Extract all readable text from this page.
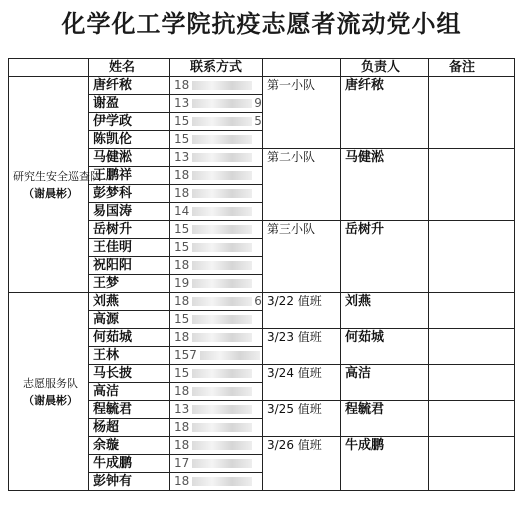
化学化工学院抗疫志愿者流动党小组
	姓名	联系方式		负责人	备注

研究生安全巡查队
（谢晨彬）	唐纤秾	18	第一小队	唐纤秾	
	谢盈	13 9			
	伊学政	15 5			
	陈凯伦	15			
	马健淞	13	第二小队	马健淞	
	王鹏祥	18			
	彭梦科	18			
	易国涛	14			
	岳树升	15	第三小队	岳树升	
	王佳明	15			
	祝阳阳	18			
	王梦	19			

志愿服务队
（谢晨彬）	刘燕	18 6	3/22 值班	刘燕	
	高源	15			
	何茹城	18	3/23 值班	何茹城	
	王林	157			
	马长披	15	3/24 值班	高洁	
	高洁	18			
	程毓君	13	3/25 值班	程毓君	
	杨超	18			
	余璇	18	3/26 值班	牛成鹏	
	牛成鹏	17			
	彭钟有	18			
